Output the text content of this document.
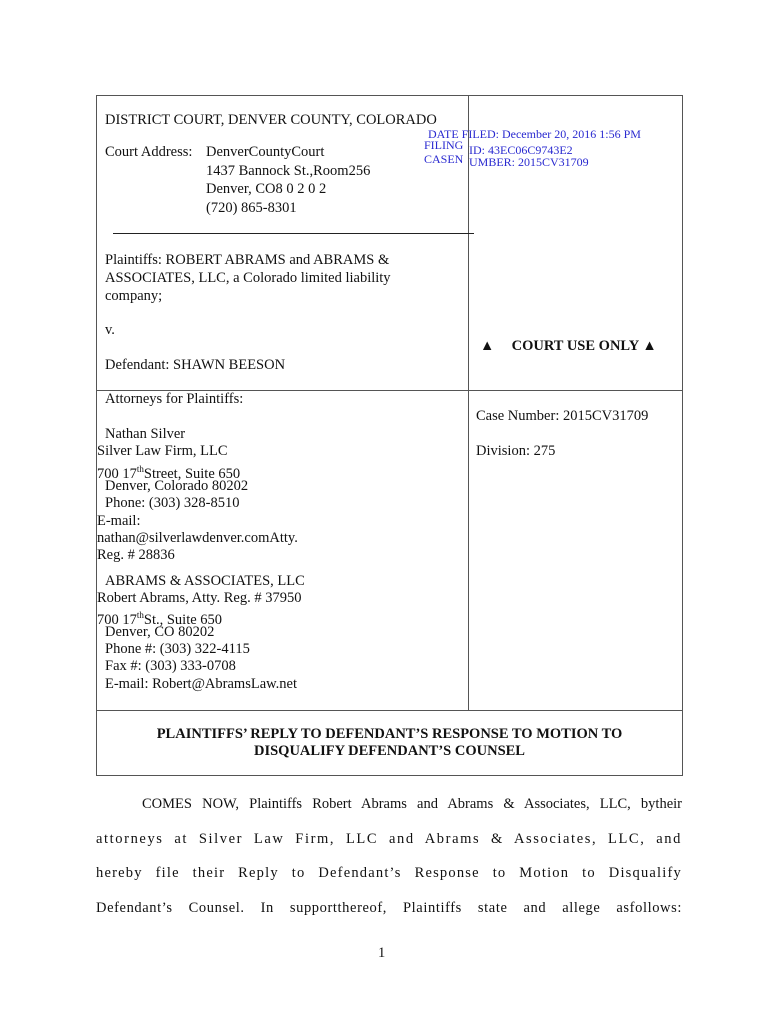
DISTRICT COURT, DENVER COUNTY, COLORADO
Court Address: DenverCountyCourt
1437 Bannock St.,Room256
Denver, CO8 0 2 0 2
(720) 865-8301
DATE FILED: December 20, 2016 1:56 PM
FILING ID: 43EC06C9743E2
CASEN UMBER: 2015CV31709
Plaintiffs: ROBERT ABRAMS and ABRAMS &
ASSOCIATES, LLC, a Colorado limited liability
company;
v.
Defendant: SHAWN BEESON
▲ COURT USE ONLY ▲
Attorneys for Plaintiffs:
Nathan Silver
Silver Law Firm, LLC
700 17thStreet, Suite 650
Denver, Colorado 80202
Phone: (303) 328-8510
E-mail:
nathan@silverlawdenver.comAtty.
Reg. # 28836
ABRAMS & ASSOCIATES, LLC
Robert Abrams, Atty. Reg. # 37950
700 17thSt., Suite 650
Denver, CO 80202
Phone #: (303) 322-4115
Fax #: (303) 333-0708
E-mail: Robert@AbramsLaw.net
Case Number: 2015CV31709
Division: 275
PLAINTIFFS’ REPLY TO DEFENDANT’S RESPONSE TO MOTION TO
DISQUALIFY DEFENDANT’S COUNSEL
COMES NOW, Plaintiffs Robert Abrams and Abrams & Associates, LLC, bytheir
attorneys at Silver Law Firm, LLC and Abrams & Associates, LLC, and
hereby file their Reply to Defendant’s Response to Motion to Disqualify
Defendant’s Counsel. In supportthereof, Plaintiffs state and allege asfollows:
1
